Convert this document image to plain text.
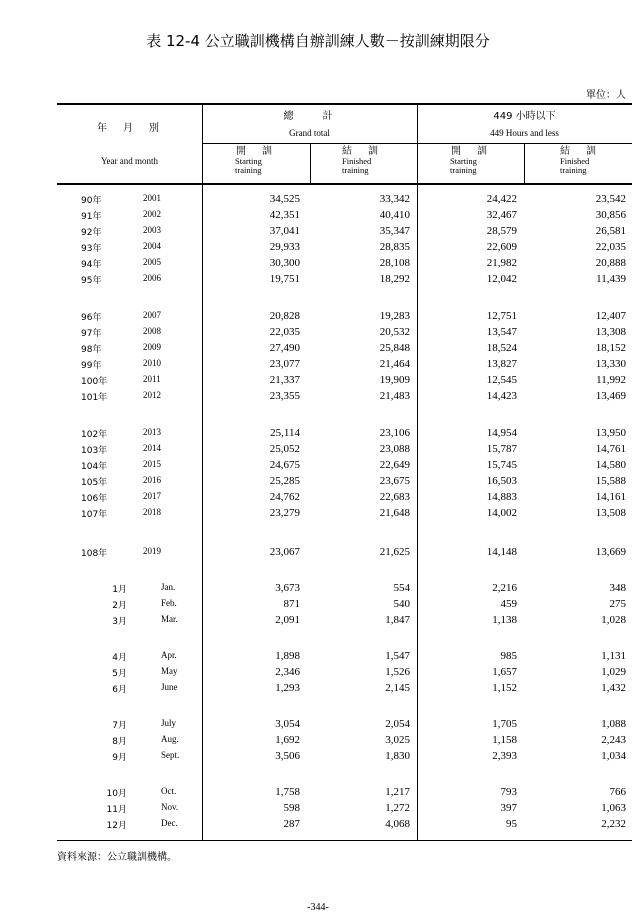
表 12-4 公立職訓機構自辦訓練人數－按訓練期限分
單位：人
年　月　別
Year and month
總　　計
Grand total
449 小時以下
449 Hours and less
開　訓
Starting
training
結　訓
Finished
training
開　訓
Starting
training
結　訓
Finished
training
90年	2001	34,525	33,342	24,422	23,542
91年	2002	42,351	40,410	32,467	30,856
92年	2003	37,041	35,347	28,579	26,581
93年	2004	29,933	28,835	22,609	22,035
94年	2005	30,300	28,108	21,982	20,888
95年	2006	19,751	18,292	12,042	11,439
96年	2007	20,828	19,283	12,751	12,407
97年	2008	22,035	20,532	13,547	13,308
98年	2009	27,490	25,848	18,524	18,152
99年	2010	23,077	21,464	13,827	13,330
100年	2011	21,337	19,909	12,545	11,992
101年	2012	23,355	21,483	14,423	13,469
102年	2013	25,114	23,106	14,954	13,950
103年	2014	25,052	23,088	15,787	14,761
104年	2015	24,675	22,649	15,745	14,580
105年	2016	25,285	23,675	16,503	15,588
106年	2017	24,762	22,683	14,883	14,161
107年	2018	23,279	21,648	14,002	13,508
108年	2019	23,067	21,625	14,148	13,669
1月	Jan.	3,673	554	2,216	348
2月	Feb.	871	540	459	275
3月	Mar.	2,091	1,847	1,138	1,028
4月	Apr.	1,898	1,547	985	1,131
5月	May	2,346	1,526	1,657	1,029
6月	June	1,293	2,145	1,152	1,432
7月	July	3,054	2,054	1,705	1,088
8月	Aug.	1,692	3,025	1,158	2,243
9月	Sept.	3,506	1,830	2,393	1,034
10月	Oct.	1,758	1,217	793	766
11月	Nov.	598	1,272	397	1,063
12月	Dec.	287	4,068	95	2,232
資料來源：公立職訓機構。
-344-
